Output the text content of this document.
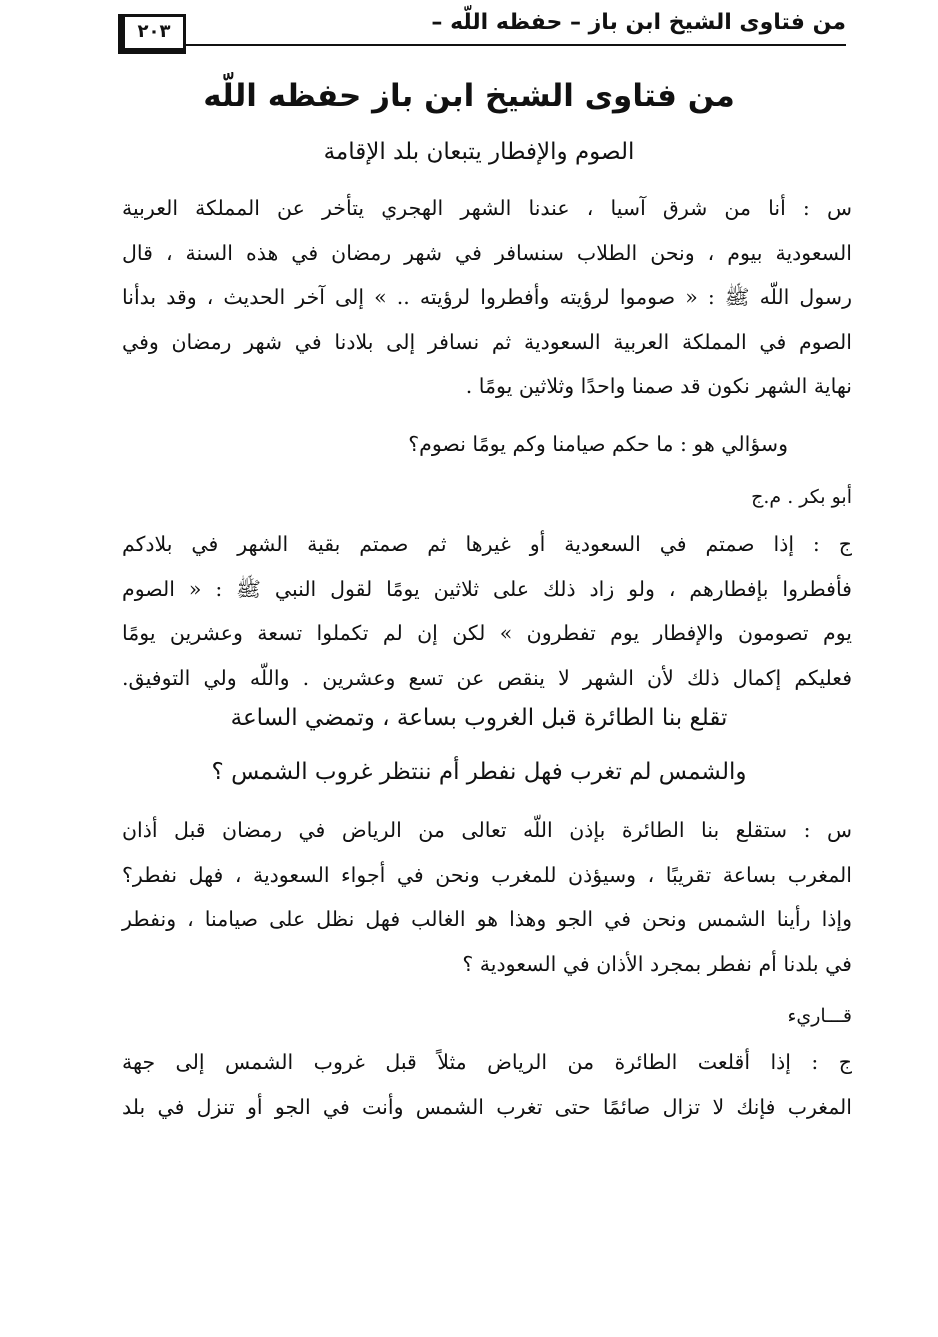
من فتاوى الشيخ ابن باز – حفظه اللّه –
٢٠٣
من فتاوى الشيخ ابن باز حفظه اللّه
الصوم والإفطار يتبعان بلد الإقامة
س : أنا من شرق آسيا ، عندنا الشهر الهجري يتأخر عن المملكة العربية
السعودية بيوم ، ونحن الطلاب سنسافر في شهر رمضان في هذه السنة ، قال
رسول اللّه ﷺ : « صوموا لرؤيته وأفطروا لرؤيته .. » إلى آخر الحديث ، وقد بدأنا
الصوم في المملكة العربية السعودية ثم نسافر إلى بلادنا في شهر رمضان وفي
نهاية الشهر نكون قد صمنا واحدًا وثلاثين يومًا .
وسؤالي هو : ما حكم صيامنا وكم يومًا نصوم؟
أبو بكر . م.ج
ج : إذا صمتم في السعودية أو غيرها ثم صمتم بقية الشهر في بلادكم
فأفطروا بإفطارهم ، ولو زاد ذلك على ثلاثين يومًا لقول النبي ﷺ : « الصوم
يوم تصومون والإفطار يوم تفطرون » لكن إن لم تكملوا تسعة وعشرين يومًا
فعليكم إكمال ذلك لأن الشهر لا ينقص عن تسع وعشرين . واللّه ولي التوفيق.
تقلع بنا الطائرة قبل الغروب بساعة ، وتمضي الساعة
والشمس لم تغرب فهل نفطر أم ننتظر غروب الشمس ؟
س : ستقلع بنا الطائرة بإذن اللّه تعالى من الرياض في رمضان قبل أذان
المغرب بساعة تقريبًا ، وسيؤذن للمغرب ونحن في أجواء السعودية ، فهل نفطر؟
وإذا رأينا الشمس ونحن في الجو وهذا هو الغالب فهل نظل على صيامنا ، ونفطر
في بلدنا أم نفطر بمجرد الأذان في السعودية ؟
قـــاريء
ج : إذا أقلعت الطائرة من الرياض مثلاً قبل غروب الشمس إلى جهة
المغرب فإنك لا تزال صائمًا حتى تغرب الشمس وأنت في الجو أو تنزل في بلد
